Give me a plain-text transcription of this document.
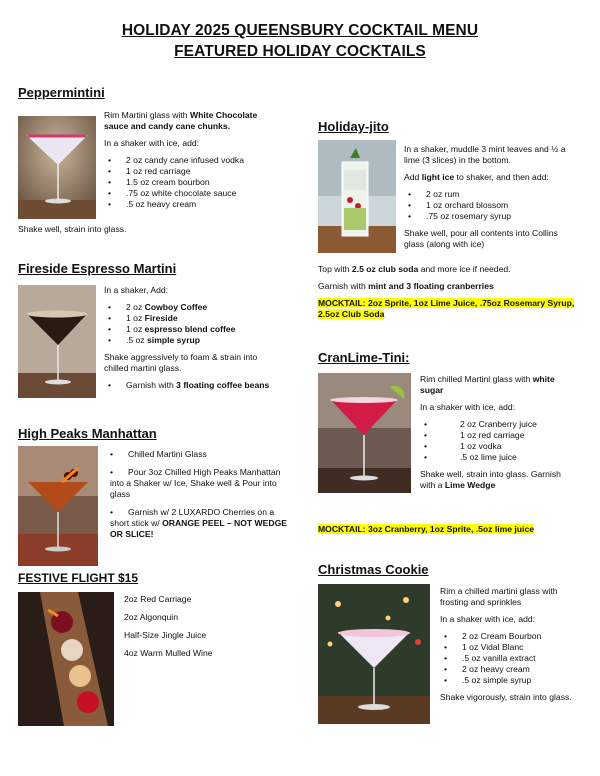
HOLIDAY 2025 QUEENSBURY COCKTAIL MENU
FEATURED HOLIDAY COCKTAILS
Peppermintini

Rim Martini glass with White Chocolate

sauce and candy cane chunks.

In a shaker with ice, add:

• 2 oz candy cane infused vodka
• 1 oz red carriage
• 1.5 oz cream bourbon
• .75 oz white chocolate sauce
• .5 oz heavy cream

Shake well, strain into glass.

Fireside Espresso Martini

In a shaker, Add:

• 2 oz Cowboy Coffee
• 1 oz Fireside
• 1 oz espresso blend coffee
• .5 oz simple syrup

Shake aggressively to foam & strain into

chilled martini glass.

• Garnish with 3 floating coffee beans
High Peaks Manhattan
• Chilled Martini Glass
• Pour 3oz Chilled High Peaks Manhattan

into a Shaker w/ Ice, Shake well & Pour into

glass

• Garnish w/ 2 LUXARDO Cherries on a

short stick w/ ORANGE PEEL – NOT WEDGE

OR SLICE!

FESTIVE FLIGHT $15

2oz Red Carriage

2oz Algonquin

Half-Size Jingle Juice

4oz Warm Mulled Wine

Holiday-jito

In a shaker, muddle 3 mint leaves and ½ a

lime (3 slices) in the bottom.

Add light ice to shaker, and then add:

• 2 oz rum
• 1 oz orchard blossom
• .75 oz rosemary syrup

Shake well, pour all contents into Collins

glass (along with ice)

Top with 2.5 oz club soda and more ice if needed.

Garnish with mint and 3 floating cranberries

MOCKTAIL: 2oz Sprite, 1oz Lime Juice, .75oz Rosemary Syrup,

2.5oz Club Soda

CranLime-Tini:

Rim chilled Martini glass with white

sugar

In a shaker with ice, add:

• 2 oz Cranberry juice
• 1 oz red carriage
• 1 oz vodka
• .5 oz lime juice

Shake well, strain into glass. Garnish

with a Lime Wedge

MOCKTAIL: 3oz Cranberry, 1oz Sprite, .5oz lime juice

Christmas Cookie

Rim a chilled martini glass with

frosting and sprinkles

In a shaker with ice, add:

• 2 oz Cream Bourbon
• 1 oz Vidal Blanc
• .5 oz vanilla extract
• 2 oz heavy cream
• .5 oz simple syrup

Shake vigorously, strain into glass.
